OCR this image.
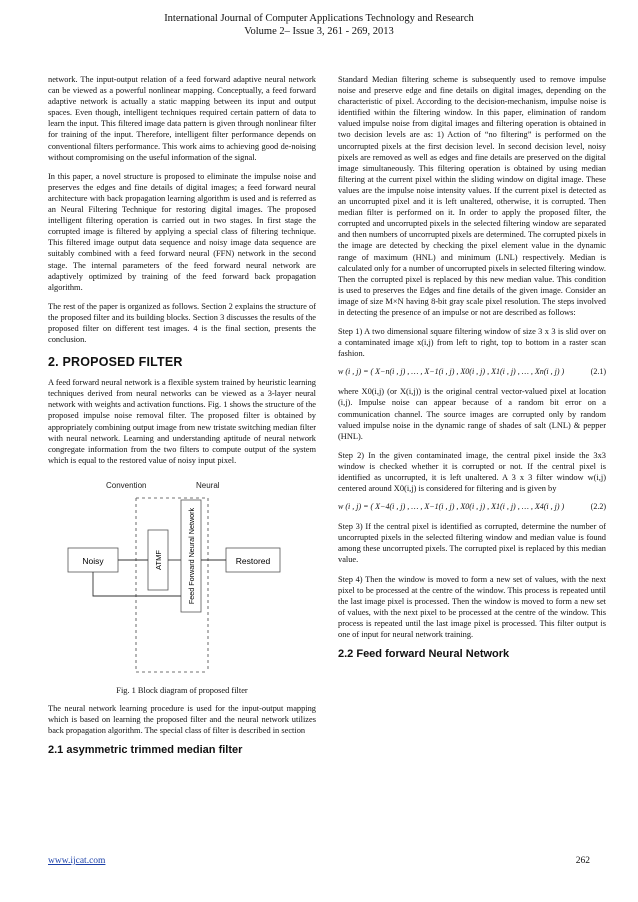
International Journal of Computer Applications Technology and Research
Volume 2– Issue 3, 261 - 269, 2013

network. The input-output relation of a feed forward adaptive neural network can be viewed as a powerful nonlinear mapping. Conceptually, a feed forward adaptive network is actually a static mapping between its input and output spaces. Even though, intelligent techniques required certain pattern of data to learn the input. This filtered image data pattern is given through nonlinear filter for training of the input. Therefore, intelligent filter performance depends on conventional filters performance. This work aims to achieving good de-noising without compromising on the useful information of the signal.

In this paper, a novel structure is proposed to eliminate the impulse noise and preserves the edges and fine details of digital images; a feed forward neural architecture with back propagation learning algorithm is used and is referred as an Neural Filtering Technique for restoring digital images. The proposed intelligent filtering operation is carried out in two stages. In first stage the corrupted image is filtered by applying a special class of filtering technique. This filtered image output data sequence and noisy image data sequence are suitably combined with a feed forward neural (FFN) network in the second stage. The internal parameters of the feed forward neural network are adaptively optimized by training of the feed forward back propagation algorithm.

The rest of the paper is organized as follows. Section 2 explains the structure of the proposed filter and its building blocks. Section 3 discusses the results of the proposed filter on different test images. 4 is the final section, presents the conclusion.

2. PROPOSED FILTER

A feed forward neural network is a flexible system trained by heuristic learning techniques derived from neural networks can be viewed as a 3-layer neural network with weights and activation functions. Fig. 1 shows the structure of the proposed impulse noise removal filter. The proposed filter is obtained by appropriately combining output image from new tristate switching median filter with neural network. Learning and understanding aptitude of neural network congregate information from the two filters to compute output of the system which is equal to the restored value of noisy input pixel.

Convention	Neural
Noisy	ATMF	Feed Forward Neural Network	Restored
Fig. 1 Block diagram of proposed filter

The neural network learning procedure is used for the input-output mapping which is based on learning the proposed filter and the neural network utilizes back propagation algorithm. The special class of filter is described in section

2.1 asymmetric trimmed median filter

Standard Median filtering scheme is subsequently used to remove impulse noise and preserve edge and fine details on digital images, depending on the characteristic of pixel. According to the decision-mechanism, impulse noise is identified within the filtering window. In this paper, elimination of random valued impulse noise from digital images and filtering operation is obtained in two decision levels are as: 1) Action of “no filtering” is performed on the uncorrupted pixels at the first decision level. In second decision level, noisy pixels are removed as well as edges and fine details are preserved on the digital image simultaneously. This filtering operation is obtained by using median filtering at the current pixel within the sliding window on digital image. These values are the impulse noise intensity values. If the current pixel is detected as an uncorrupted pixel and it is left unaltered, otherwise, it is corrupted. Then median filter is performed on it. In order to apply the proposed filter, the corrupted and uncorrupted pixels in the selected filtering window are separated and then numbers of uncorrupted pixels are determined. The corrupted pixels in the image are detected by checking the pixel element value in the dynamic range of maximum (HNL) and minimum (LNL) respectively. Median is calculated only for a number of uncorrupted pixels in selected filtering window. Then the corrupted pixel is replaced by this new median value. This condition is used to preserves the Edges and fine details of the given image. Consider an image of size M×N having 8-bit gray scale pixel resolution. The steps involved in detecting the presence of an impulse or not are described as follows:

Step 1) A two dimensional square filtering window of size 3 x 3 is slid over on a contaminated image x(i,j) from left to right, top to bottom in a raster scan fashion.

w (i , j) = ( X−n(i , j) , … , X−1(i , j) , X0(i , j) , X1(i , j) , … , Xn(i , j) )	(2.1)

where X0(i,j) (or X(i,j)) is the original central vector-valued pixel at location (i,j). Impulse noise can appear because of a random bit error on a communication channel. The source images are corrupted only by random valued impulse noise in the dynamic range of shades of salt (LNL) & pepper (HNL).

Step 2) In the given contaminated image, the central pixel inside the 3x3 window is checked whether it is corrupted or not. If the central pixel is identified as uncorrupted, it is left unaltered. A 3 x 3 filter window w(i,j) centered around X0(i,j) is considered for filtering and is given by

w (i , j) = ( X−4(i , j) , … , X−1(i , j) , X0(i , j) , X1(i , j) , … , X4(i , j) )	(2.2)

Step 3) If the central pixel is identified as corrupted, determine the number of uncorrupted pixels in the selected filtering window and median value is found among these uncorrupted pixels. The corrupted pixel is replaced by this median value.

Step 4) Then the window is moved to form a new set of values, with the next pixel to be processed at the centre of the window. This process is repeated until the last image pixel is processed. Then the window is moved to form a new set of values, with the next pixel to be processed at the centre of the window. This process is repeated until the last image pixel is processed. This filter output is one of input for neural network training.

2.2 Feed forward Neural Network
www.ijcat.com	262
